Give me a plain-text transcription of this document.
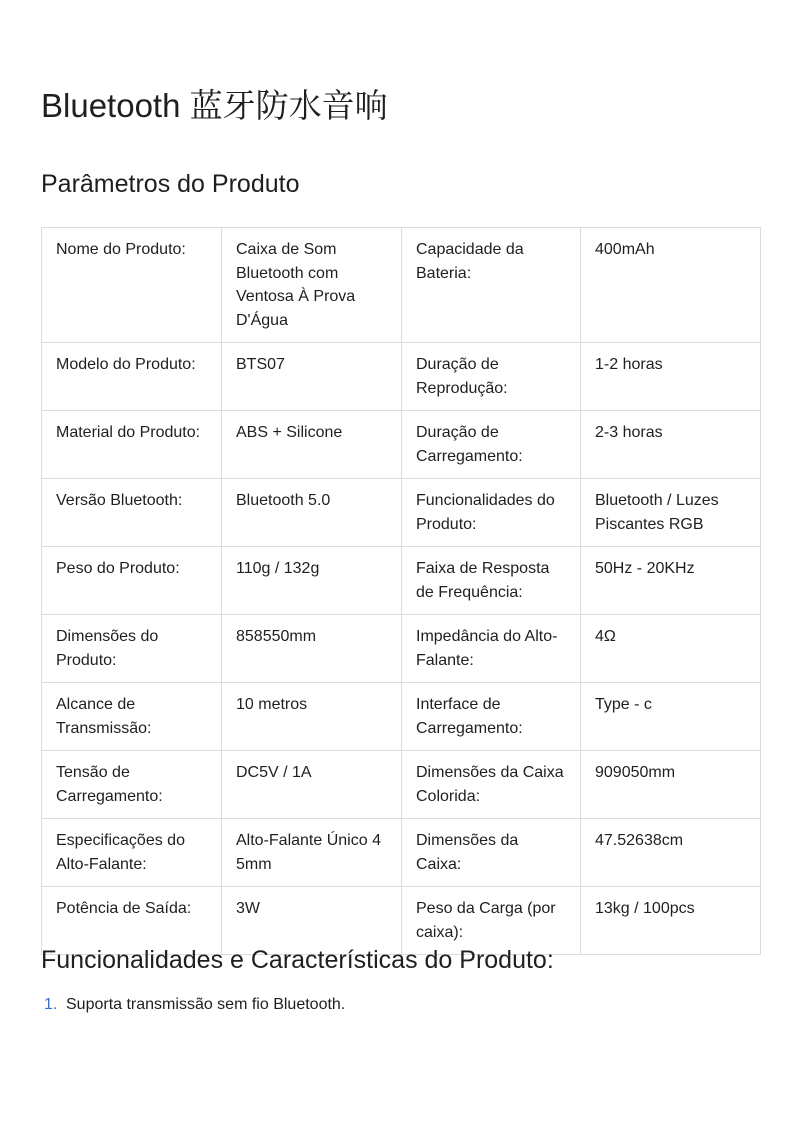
Bluetooth 蓝牙防水音响
Parâmetros do Produto
Nome do Produto:	Caixa de Som Bluetooth com Ventosa À Prova D'Água	Capacidade da Bateria:	400mAh
Modelo do Produto:	BTS07	Duração de Reprodução:	1-2 horas
Material do Produto:	ABS + Silicone	Duração de Carregamento:	2-3 horas
Versão Bluetooth:	Bluetooth 5.0	Funcionalidades do Produto:	Bluetooth / Luzes Piscantes RGB
Peso do Produto:	110g / 132g	Faixa de Resposta de Frequência:	50Hz - 20KHz
Dimensões do Produto:	858550mm	Impedância do Alto-Falante:	4Ω
Alcance de Transmissão:	10 metros	Interface de Carregamento:	Type - c
Tensão de Carregamento:	DC5V / 1A	Dimensões da Caixa Colorida:	909050mm
Especificações do Alto-Falante:	Alto-Falante Único 4 5mm	Dimensões da Caixa:	47.52638cm
Potência de Saída:	3W	Peso da Carga (por caixa):	13kg / 100pcs
Funcionalidades e Características do Produto:
1. Suporta transmissão sem fio Bluetooth.
